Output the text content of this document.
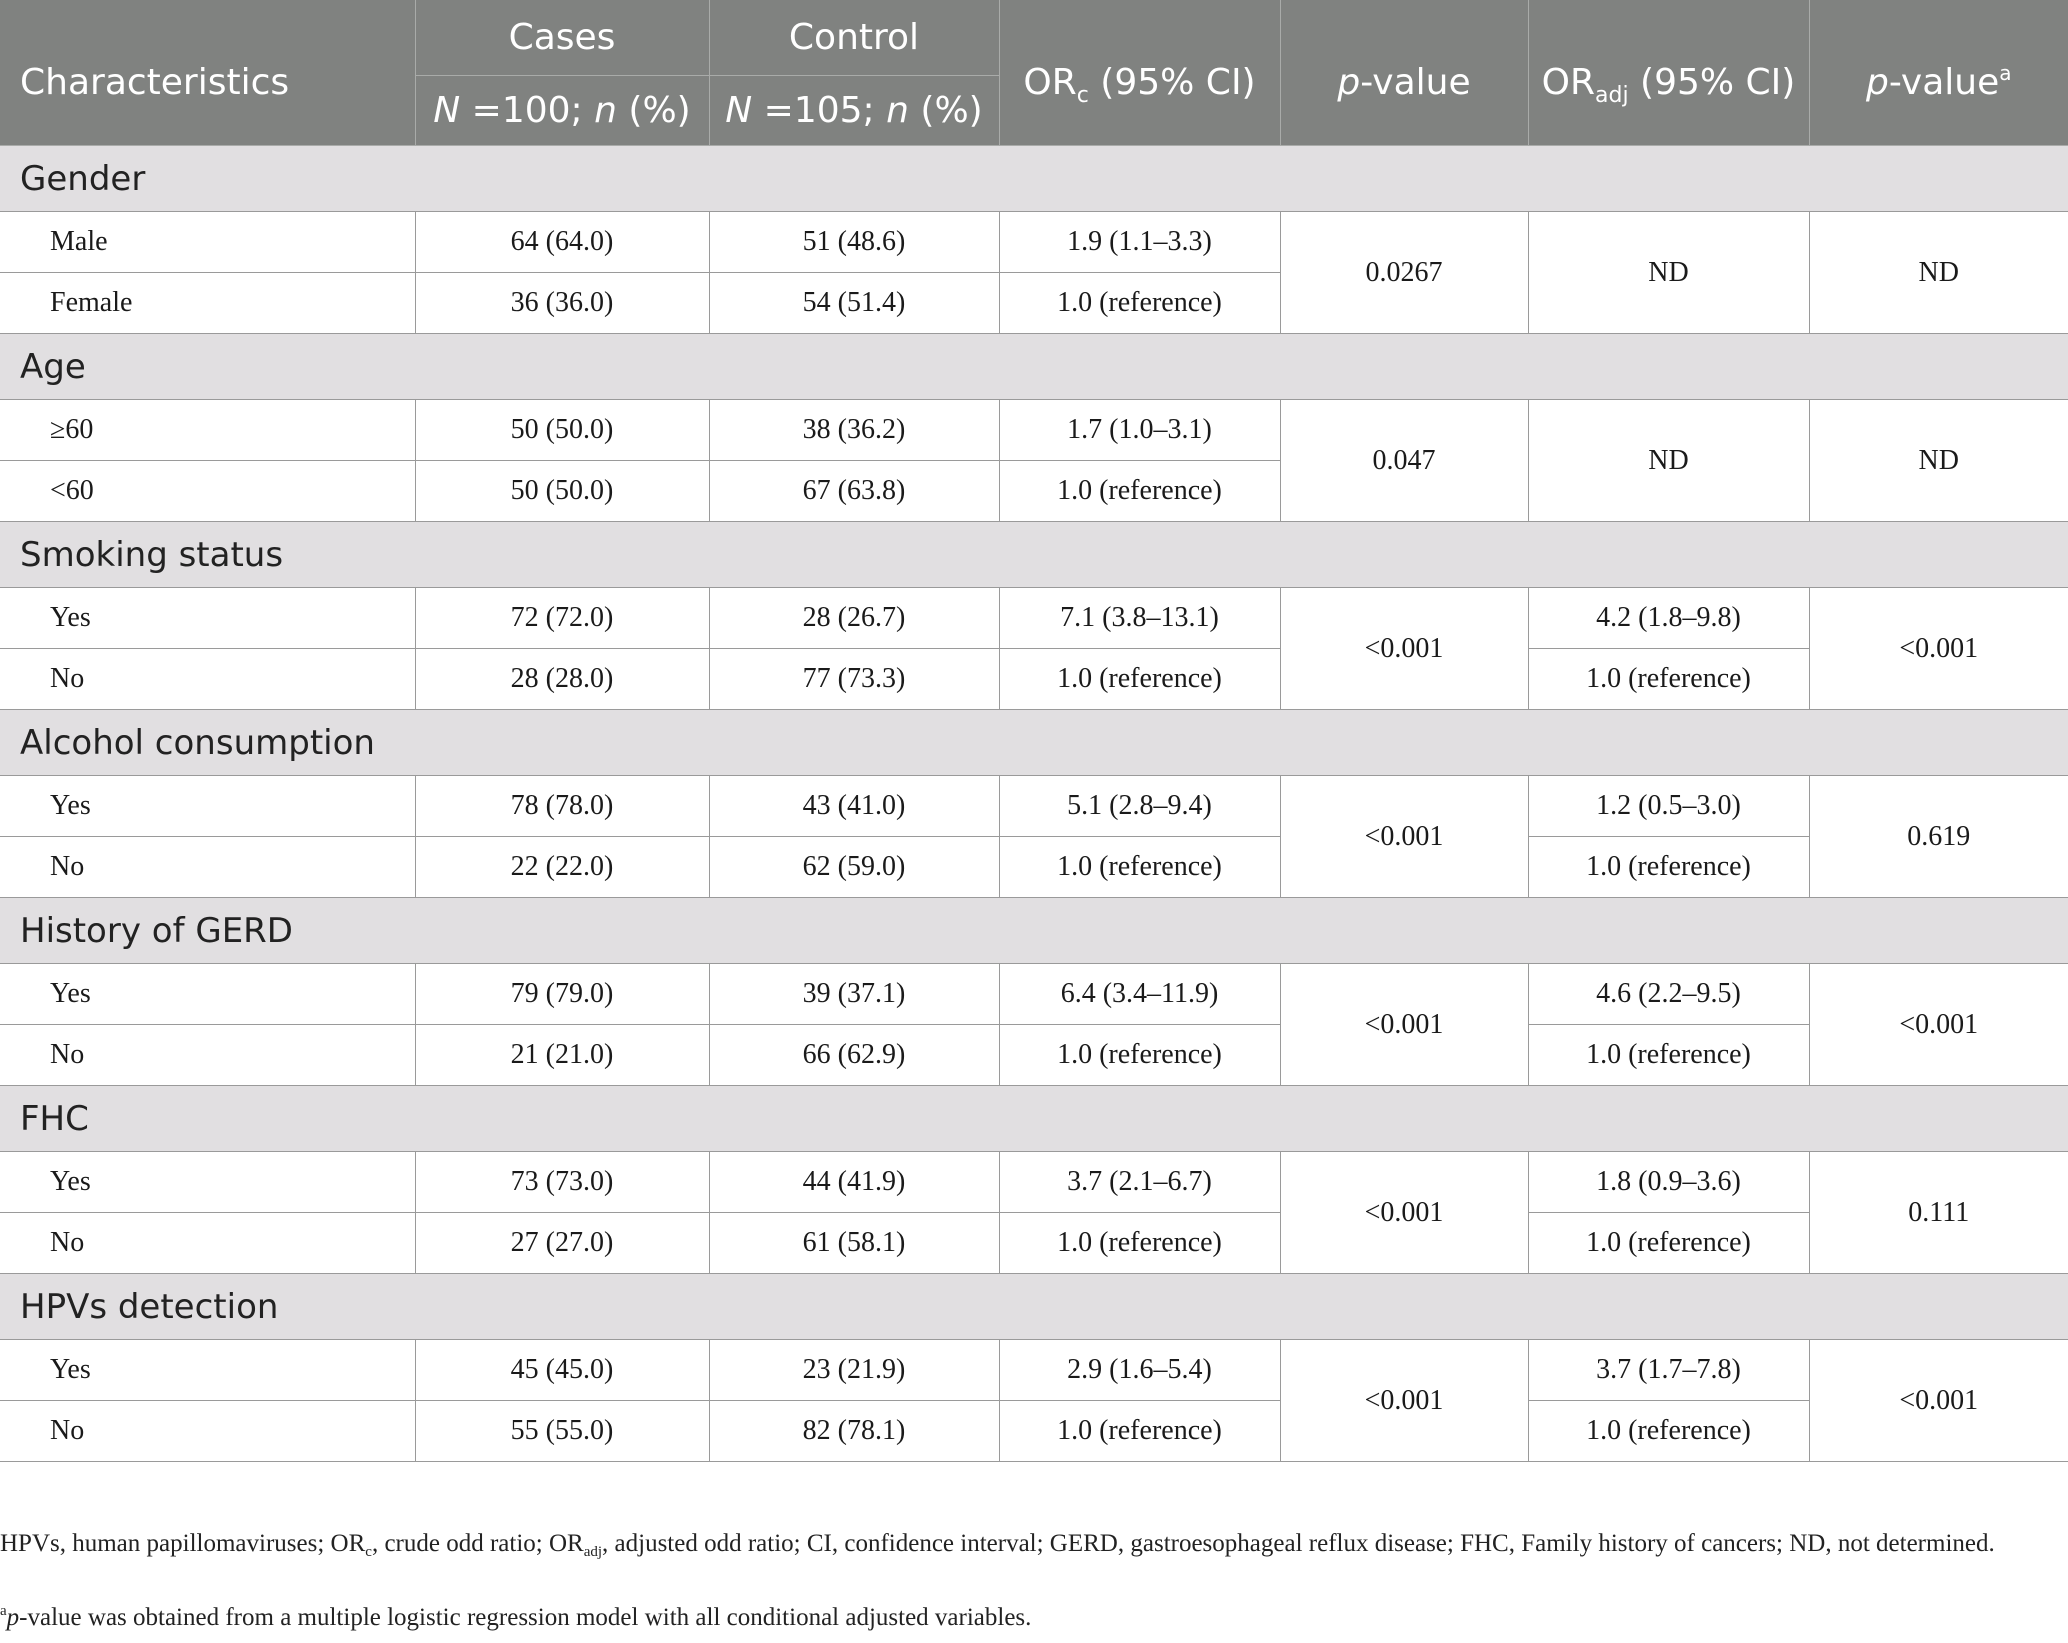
Characteristics	Cases	Control	$OR_c$ (95% CI)	p-value	$OR_{adj}$ (95% CI)	p-value$^a$
	N =100; n (%)	N =105; n (%)				
Gender						
Male	64 (64.0)	51 (48.6)	1.9 (1.1–3.3)	0.0267	ND	ND
Female	36 (36.0)	54 (51.4)	1.0 (reference)			
Age						
≥60	50 (50.0)	38 (36.2)	1.7 (1.0–3.1)	0.047	ND	ND
<60	50 (50.0)	67 (63.8)	1.0 (reference)			
Smoking status						
Yes	72 (72.0)	28 (26.7)	7.1 (3.8–13.1)	<0.001	4.2 (1.8–9.8)	<0.001
No	28 (28.0)	77 (73.3)	1.0 (reference)		1.0 (reference)	
Alcohol consumption						
Yes	78 (78.0)	43 (41.0)	5.1 (2.8–9.4)	<0.001	1.2 (0.5–3.0)	0.619
No	22 (22.0)	62 (59.0)	1.0 (reference)		1.0 (reference)	
History of GERD						
Yes	79 (79.0)	39 (37.1)	6.4 (3.4–11.9)	<0.001	4.6 (2.2–9.5)	<0.001
No	21 (21.0)	66 (62.9)	1.0 (reference)		1.0 (reference)	
FHC						
Yes	73 (73.0)	44 (41.9)	3.7 (2.1–6.7)	<0.001	1.8 (0.9–3.6)	0.111
No	27 (27.0)	61 (58.1)	1.0 (reference)		1.0 (reference)	
HPVs detection						
Yes	45 (45.0)	23 (21.9)	2.9 (1.6–5.4)	<0.001	3.7 (1.7–7.8)	<0.001
No	55 (55.0)	82 (78.1)	1.0 (reference)		1.0 (reference)	
HPVs, human papillomaviruses; $OR_c$, crude odd ratio; $OR_{adj}$, adjusted odd ratio; CI, confidence interval; GERD, gastroesophageal reflux disease; FHC, Family history of cancers; ND, not determined.
$^a$p-value was obtained from a multiple logistic regression model with all conditional adjusted variables.
